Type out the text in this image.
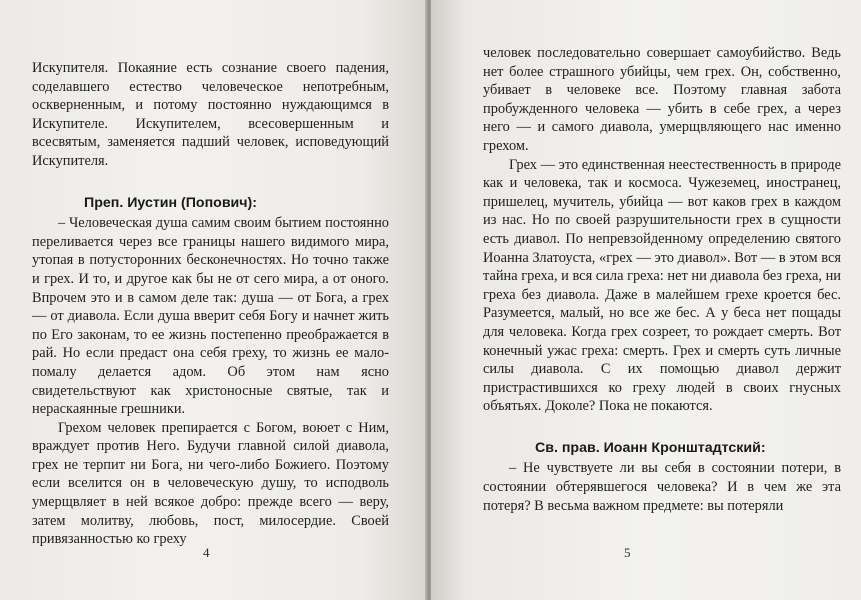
Искупителя. Покаяние есть сознание своего падения, соделавшего естество человеческое непотребным, оскверненным, и потому постоянно нуждающимся в Искупителе. Искупителем, всесовершенным и всесвятым, заменяется падший человек, исповедующий Искупителя.

Преп. Иустин (Попович):

– Человеческая душа самим своим бытием постоянно переливается через все границы нашего видимого мира, утопая в потусторонних бесконечностях. Но точно также и грех. И то, и другое как бы не от сего мира, а от оного. Впрочем это и в самом деле так: душа — от Бога, а грех — от диавола. Если душа вверит себя Богу и начнет жить по Его законам, то ее жизнь постепенно преображается в рай. Но если предаст она себя греху, то жизнь ее мало-помалу делается адом. Об этом нам ясно свидетельствуют как христоносные святые, так и нераскаянные грешники.

Грехом человек препирается с Богом, воюет с Ним, враждует против Него. Будучи главной силой диавола, грех не терпит ни Бога, ни чего-либо Божиего. Поэтому если вселится он в человеческую душу, то исподволь умерщвляет в ней всякое добро: прежде всего — веру, затем молитву, любовь, пост, милосердие. Своей привязанностью ко греху

4

человек последовательно совершает самоубийство. Ведь нет более страшного убийцы, чем грех. Он, собственно, убивает в человеке все. Поэтому главная забота пробужденного человека — убить в себе грех, а через него — и самого диавола, умерщвляющего нас именно грехом.

Грех — это единственная неестественность в природе как и человека, так и космоса. Чужеземец, иностранец, пришелец, мучитель, убийца — вот каков грех в каждом из нас. Но по своей разрушительности грех в сущности есть диавол. По непревзойденному определению святого Иоанна Златоуста, «грех — это диавол». Вот — в этом вся тайна греха, и вся сила греха: нет ни диавола без греха, ни греха без диавола. Даже в малейшем грехе кроется бес. Разумеется, малый, но все же бес. А у беса нет пощады для человека. Когда грех созреет, то рождает смерть. Вот конечный ужас греха: смерть. Грех и смерть суть личные силы диавола. С их помощью диавол держит пристрастившихся ко греху людей в своих гнусных объятьях. Доколе? Пока не покаются.

Св. прав. Иоанн Кронштадтский:

– Не чувствуете ли вы себя в состоянии потери, в состоянии обтерявшегося человека? И в чем же эта потеря? В весьма важном предмете: вы потеряли

5
